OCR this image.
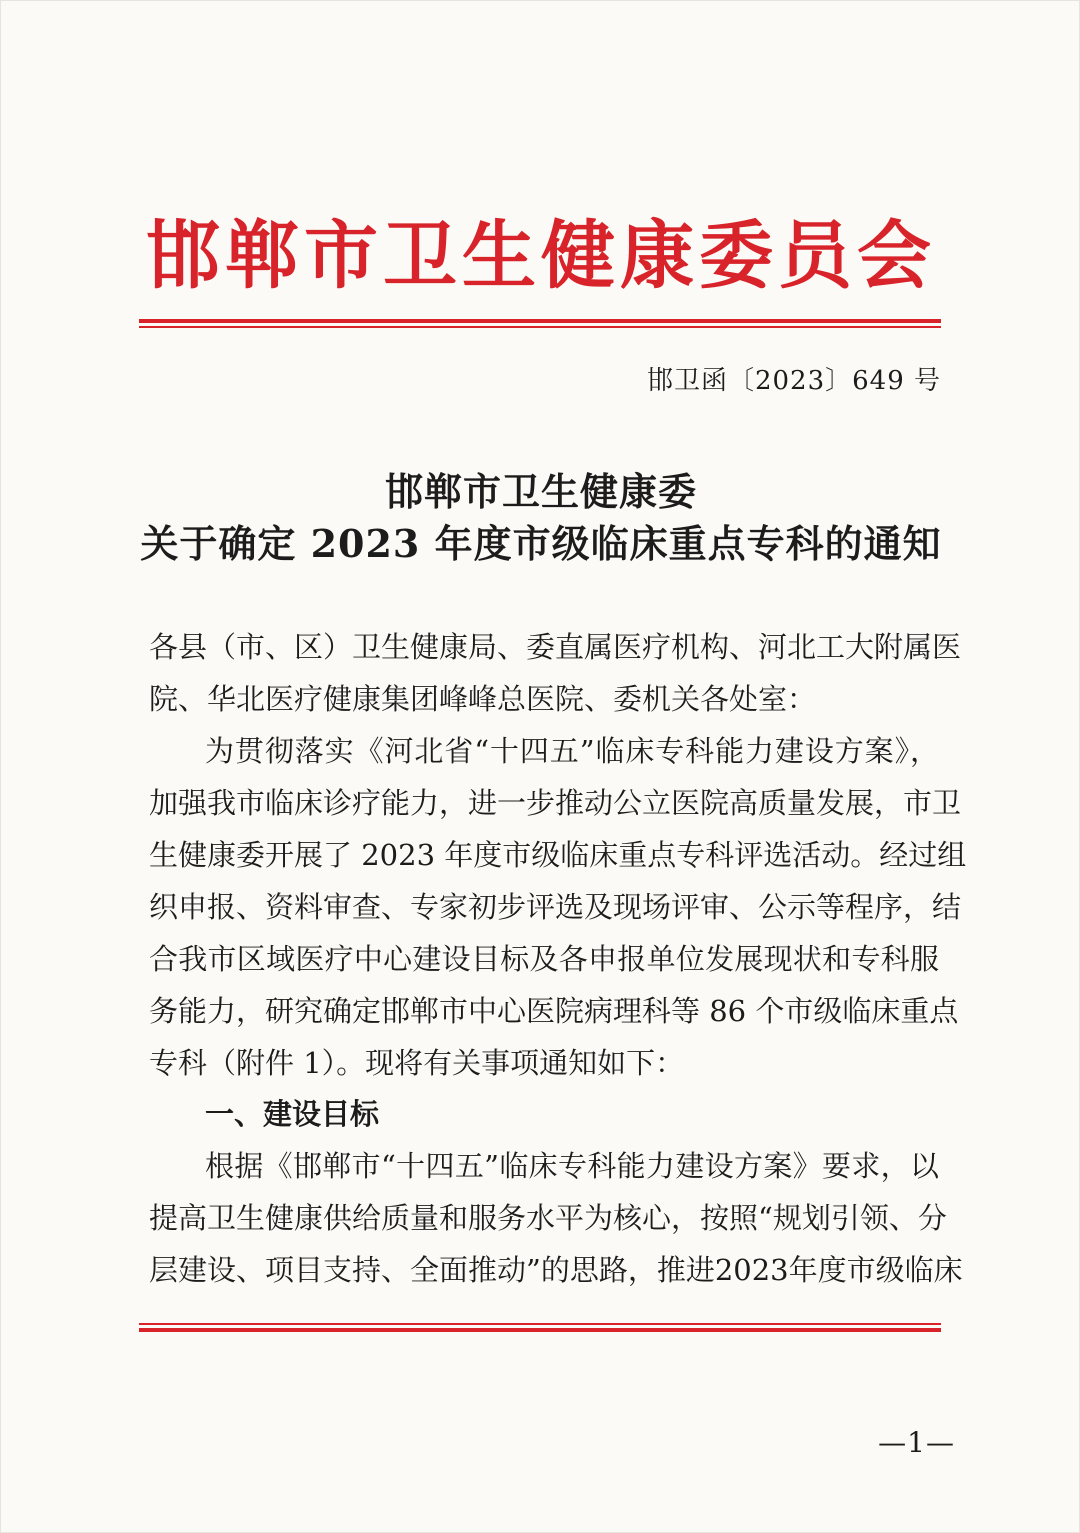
邯郸市卫生健康委员会
邯卫函〔2023〕649 号
邯郸市卫生健康委
关于确定 2023 年度市级临床重点专科的通知
各县（市、区）卫生健康局、委直属医疗机构、河北工大附属医
院、华北医疗健康集团峰峰总医院、委机关各处室：
为贯彻落实《河北省“十四五”临床专科能力建设方案》，
加强我市临床诊疗能力，进一步推动公立医院高质量发展，市卫
生健康委开展了 2023 年度市级临床重点专科评选活动。经过组
织申报、资料审查、专家初步评选及现场评审、公示等程序，结
合我市区域医疗中心建设目标及各申报单位发展现状和专科服
务能力，研究确定邯郸市中心医院病理科等 86 个市级临床重点
专科（附件 1）。现将有关事项通知如下：
一、建设目标
根据《邯郸市“十四五”临床专科能力建设方案》要求，以
提高卫生健康供给质量和服务水平为核心，按照“规划引领、分
层建设、项目支持、全面推动”的思路，推进2023年度市级临床
—1—
